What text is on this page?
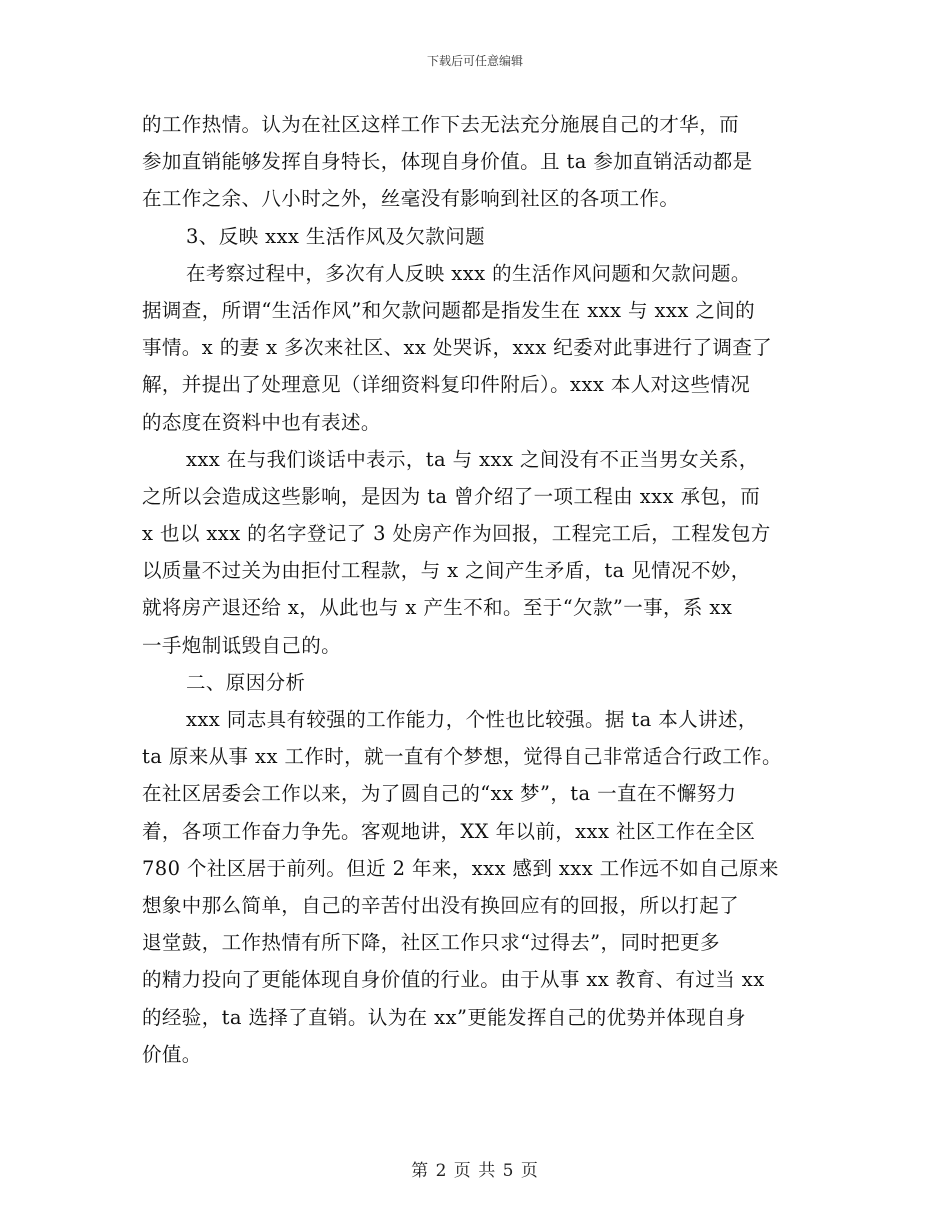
下载后可任意编辑
的工作热情。认为在社区这样工作下去无法充分施展自己的才华，而
参加直销能够发挥自身特长，体现自身价值。且 ta 参加直销活动都是
在工作之余、八小时之外，丝毫没有影响到社区的各项工作。
3、反映 xxx 生活作风及欠款问题
在考察过程中，多次有人反映 xxx 的生活作风问题和欠款问题。
据调查，所谓“生活作风”和欠款问题都是指发生在 xxx 与 xxx 之间的
事情。x 的妻 x 多次来社区、xx 处哭诉，xxx 纪委对此事进行了调查了
解，并提出了处理意见（详细资料复印件附后）。xxx 本人对这些情况
的态度在资料中也有表述。
xxx 在与我们谈话中表示，ta 与 xxx 之间没有不正当男女关系，
之所以会造成这些影响，是因为 ta 曾介绍了一项工程由 xxx 承包，而
x 也以 xxx 的名字登记了 3 处房产作为回报，工程完工后，工程发包方
以质量不过关为由拒付工程款，与 x 之间产生矛盾，ta 见情况不妙，
就将房产退还给 x，从此也与 x 产生不和。至于“欠款”一事，系 xx
一手炮制诋毁自己的。
二、原因分析
xxx 同志具有较强的工作能力，个性也比较强。据 ta 本人讲述，
ta 原来从事 xx 工作时，就一直有个梦想，觉得自己非常适合行政工作。
在社区居委会工作以来，为了圆自己的“xx 梦”，ta 一直在不懈努力
着，各项工作奋力争先。客观地讲，XX 年以前，xxx 社区工作在全区
780 个社区居于前列。但近 2 年来，xxx 感到 xxx 工作远不如自己原来
想象中那么简单，自己的辛苦付出没有换回应有的回报，所以打起了
退堂鼓，工作热情有所下降，社区工作只求“过得去”，同时把更多
的精力投向了更能体现自身价值的行业。由于从事 xx 教育、有过当 xx
的经验，ta 选择了直销。认为在 xx”更能发挥自己的优势并体现自身
价值。
第 2 页 共 5 页
